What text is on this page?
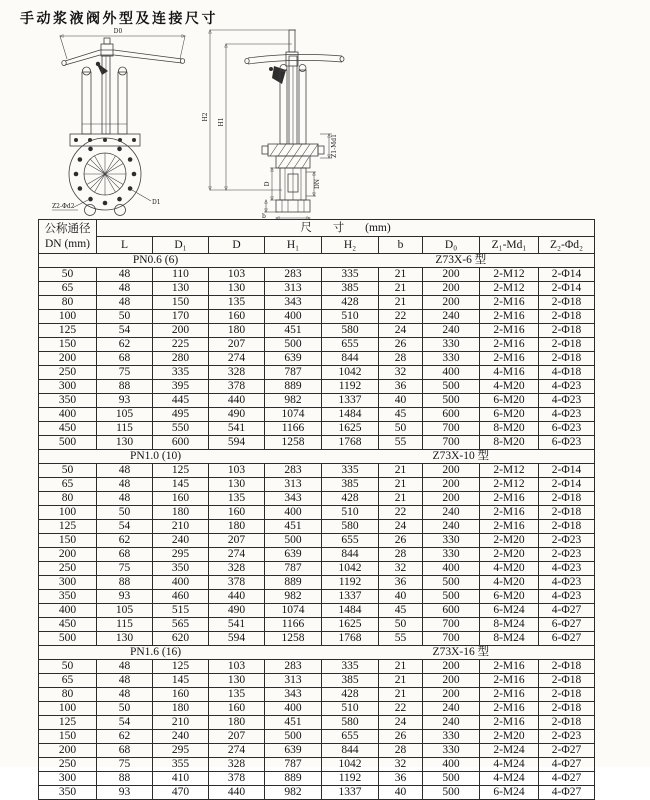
手动浆液阀外型及连接尺寸
D0
Z2-Φd2
D1
H2
H1
Z1-Md1
D	DN
b
公称通径
DN (mm)	尺 寸 (mm)								
	L	D₁	D	H₁	H₂	b	D₀	Z₁-Md₁	Z₂-Φd₂

PN0.6 (6) Z73X-6 型									

50	48	110	103	283	335	21	200	2-M12	2-Φ14
65	48	130	130	313	385	21	200	2-M12	2-Φ14
80	48	150	135	343	428	21	200	2-M16	2-Φ18
100	50	170	160	400	510	22	240	2-M16	2-Φ18
125	54	200	180	451	580	24	240	2-M16	2-Φ18
150	62	225	207	500	655	26	330	2-M16	2-Φ18
200	68	280	274	639	844	28	330	2-M16	2-Φ18
250	75	335	328	787	1042	32	400	4-M16	4-Φ18
300	88	395	378	889	1192	36	500	4-M20	4-Φ23
350	93	445	440	982	1337	40	500	6-M20	4-Φ23
400	105	495	490	1074	1484	45	600	6-M20	4-Φ23
450	115	550	541	1166	1625	50	700	8-M20	6-Φ23
500	130	600	594	1258	1768	55	700	8-M20	6-Φ23

PN1.0 (10) Z73X-10 型									

50	48	125	103	283	335	21	200	2-M12	2-Φ14
65	48	145	130	313	385	21	200	2-M12	2-Φ14
80	48	160	135	343	428	21	200	2-M16	2-Φ18
100	50	180	160	400	510	22	240	2-M16	2-Φ18
125	54	210	180	451	580	24	240	2-M16	2-Φ18
150	62	240	207	500	655	26	330	2-M20	2-Φ23
200	68	295	274	639	844	28	330	2-M20	2-Φ23
250	75	350	328	787	1042	32	400	4-M20	4-Φ23
300	88	400	378	889	1192	36	500	4-M20	4-Φ23
350	93	460	440	982	1337	40	500	6-M20	4-Φ23
400	105	515	490	1074	1484	45	600	6-M24	4-Φ27
450	115	565	541	1166	1625	50	700	8-M24	6-Φ27
500	130	620	594	1258	1768	55	700	8-M24	6-Φ27

PN1.6 (16) Z73X-16 型									

50	48	125	103	283	335	21	200	2-M16	2-Φ18
65	48	145	130	313	385	21	200	2-M16	2-Φ18
80	48	160	135	343	428	21	200	2-M16	2-Φ18
100	50	180	160	400	510	22	240	2-M16	2-Φ18
125	54	210	180	451	580	24	240	2-M16	2-Φ18
150	62	240	207	500	655	26	330	2-M20	2-Φ23
200	68	295	274	639	844	28	330	2-M24	2-Φ27
250	75	355	328	787	1042	32	400	4-M24	4-Φ27
300	88	410	378	889	1192	36	500	4-M24	4-Φ27
350	93	470	440	982	1337	40	500	6-M24	4-Φ27
